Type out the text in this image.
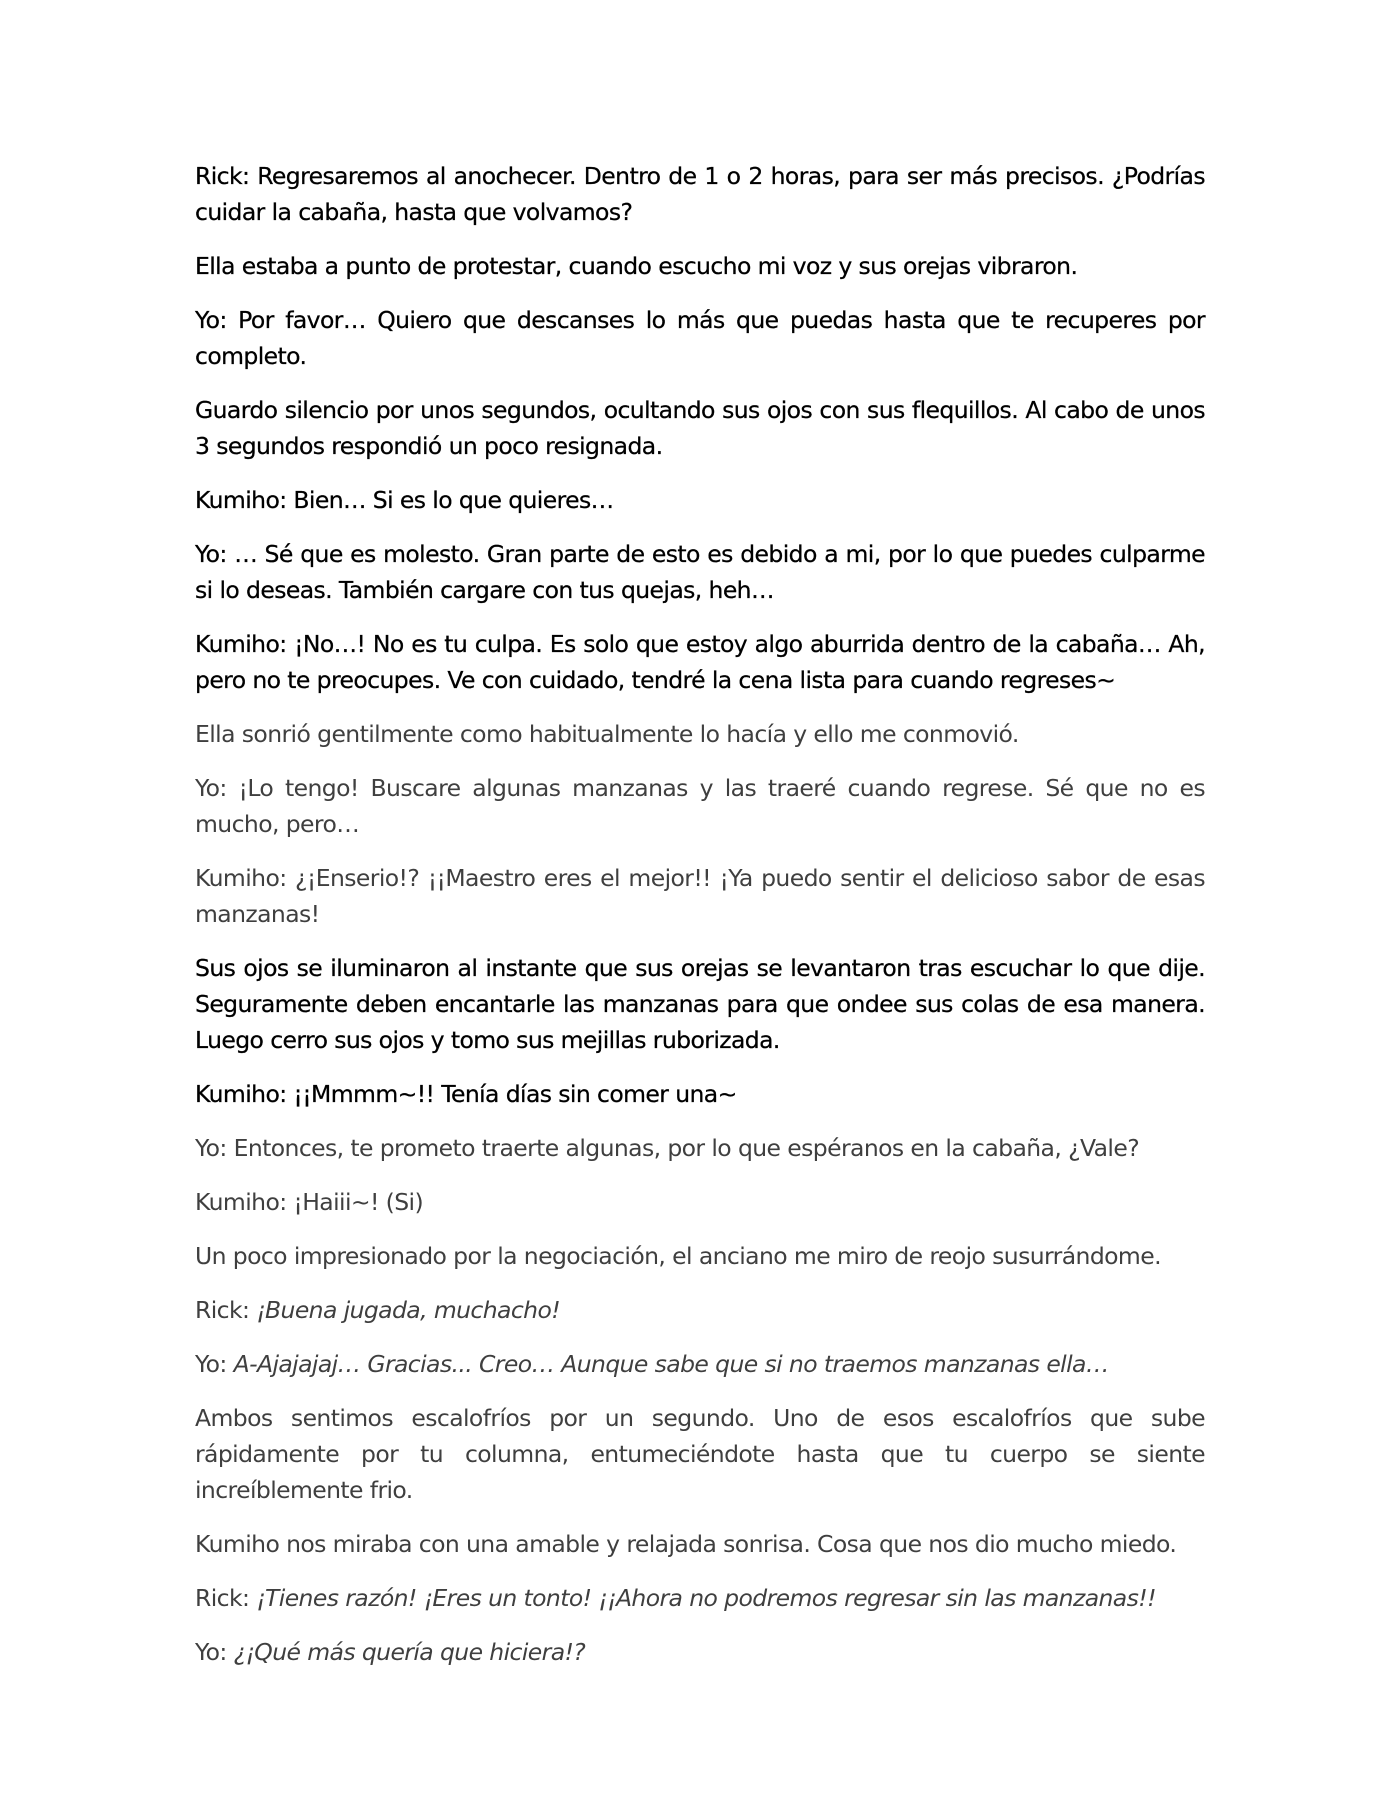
Rick: Regresaremos al anochecer. Dentro de 1 o 2 horas, para ser más precisos. ¿Podrías cuidar la cabaña, hasta que volvamos?

Ella estaba a punto de protestar, cuando escucho mi voz y sus orejas vibraron.

Yo: Por favor… Quiero que descanses lo más que puedas hasta que te recuperes por completo.

Guardo silencio por unos segundos, ocultando sus ojos con sus flequillos. Al cabo de unos 3 segundos respondió un poco resignada.

Kumiho: Bien… Si es lo que quieres…

Yo: … Sé que es molesto. Gran parte de esto es debido a mi, por lo que puedes culparme si lo deseas. También cargare con tus quejas, heh…

Kumiho: ¡No…! No es tu culpa. Es solo que estoy algo aburrida dentro de la cabaña… Ah, pero no te preocupes. Ve con cuidado, tendré la cena lista para cuando regreses~

Ella sonrió gentilmente como habitualmente lo hacía y ello me conmovió.

Yo: ¡Lo tengo! Buscare algunas manzanas y las traeré cuando regrese. Sé que no es mucho, pero…

Kumiho: ¿¡Enserio!? ¡¡Maestro eres el mejor!! ¡Ya puedo sentir el delicioso sabor de esas manzanas!

Sus ojos se iluminaron al instante que sus orejas se levantaron tras escuchar lo que dije. Seguramente deben encantarle las manzanas para que ondee sus colas de esa manera. Luego cerro sus ojos y tomo sus mejillas ruborizada.

Kumiho: ¡¡Mmmm~!! Tenía días sin comer una~

Yo: Entonces, te prometo traerte algunas, por lo que espéranos en la cabaña, ¿Vale?

Kumiho: ¡Haiii~! (Si)

Un poco impresionado por la negociación, el anciano me miro de reojo susurrándome.

Rick: ¡Buena jugada, muchacho!

Yo: A-Ajajajaj… Gracias... Creo… Aunque sabe que si no traemos manzanas ella…

Ambos sentimos escalofríos por un segundo. Uno de esos escalofríos que sube rápidamente por tu columna, entumeciéndote hasta que tu cuerpo se siente increíblemente frio.

Kumiho nos miraba con una amable y relajada sonrisa. Cosa que nos dio mucho miedo.

Rick: ¡Tienes razón! ¡Eres un tonto! ¡¡Ahora no podremos regresar sin las manzanas!!

Yo: ¿¡Qué más quería que hiciera!?
